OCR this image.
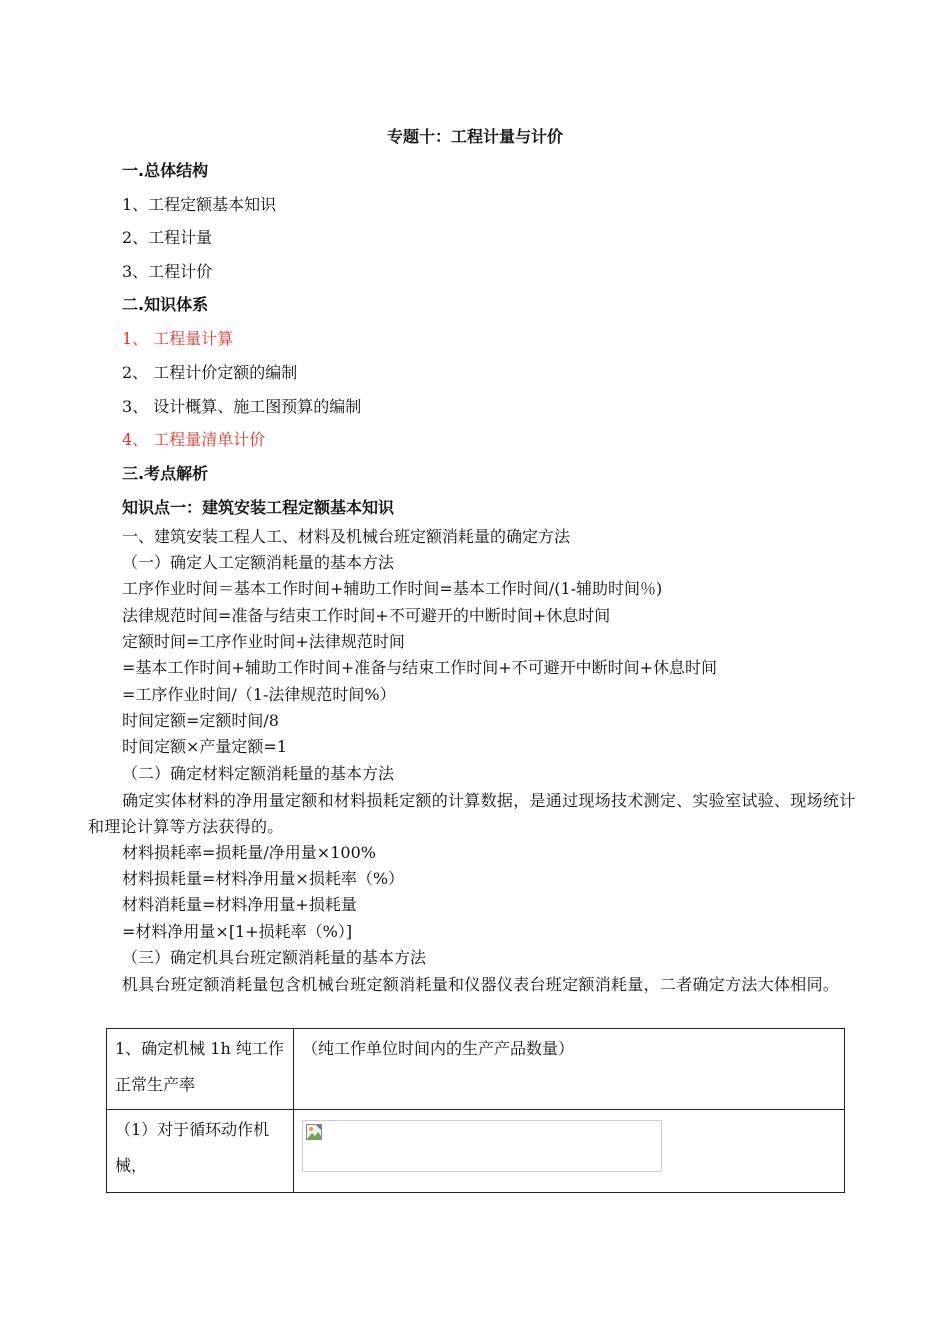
专题十：工程计量与计价
一.总体结构
1、工程定额基本知识
2、工程计量
3、工程计价
二.知识体系
1、 工程量计算
2、 工程计价定额的编制
3、 设计概算、施工图预算的编制
4、 工程量清单计价
三.考点解析
知识点一：建筑安装工程定额基本知识
一、建筑安装工程人工、材料及机械台班定额消耗量的确定方法
（一）确定人工定额消耗量的基本方法
工序作业时间＝基本工作时间+辅助工作时间=基本工作时间/(1-辅助时间％)
法律规范时间=准备与结束工作时间+不可避开的中断时间+休息时间
定额时间=工序作业时间+法律规范时间
=基本工作时间+辅助工作时间+准备与结束工作时间+不可避开中断时间+休息时间
=工序作业时间/（1-法律规范时间%）
时间定额=定额时间/8
时间定额×产量定额=1
（二）确定材料定额消耗量的基本方法
确定实体材料的净用量定额和材料损耗定额的计算数据，是通过现场技术测定、实验室试验、现场统计和理论计算等方法获得的。
材料损耗率=损耗量/净用量×100%
材料损耗量=材料净用量×损耗率（%）
材料消耗量=材料净用量+损耗量
=材料净用量×[1+损耗率（%）]
（三）确定机具台班定额消耗量的基本方法
机具台班定额消耗量包含机械台班定额消耗量和仪器仪表台班定额消耗量，二者确定方法大体相同。
1、确定机械 1h 纯工作正常生产率	（纯工作单位时间内的生产产品数量）
（1）对于循环动作机械，	
